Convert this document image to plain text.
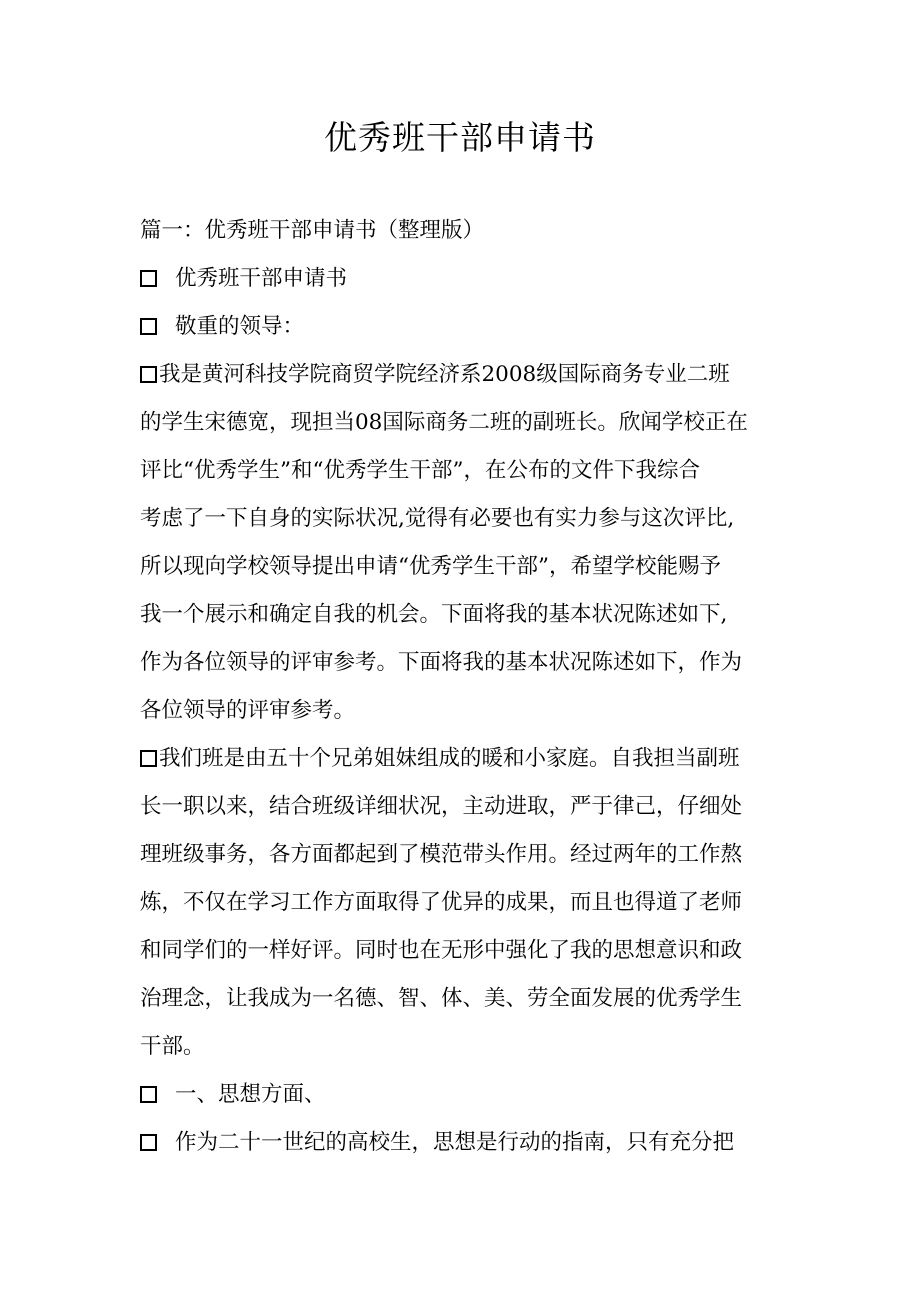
优秀班干部申请书
篇一：优秀班干部申请书（整理版）
优秀班干部申请书
敬重的领导：
我是黄河科技学院商贸学院经济系2008级国际商务专业二班
的学生宋德宽，现担当08国际商务二班的副班长。欣闻学校正在
评比“优秀学生”和“优秀学生干部”，在公布的文件下我综合
考虑了一下自身的实际状况,觉得有必要也有实力参与这次评比,
所以现向学校领导提出申请“优秀学生干部”，希望学校能赐予
我一个展示和确定自我的机会。下面将我的基本状况陈述如下,
作为各位领导的评审参考。下面将我的基本状况陈述如下，作为
各位领导的评审参考。
我们班是由五十个兄弟姐妹组成的暖和小家庭。自我担当副班
长一职以来，结合班级详细状况，主动进取，严于律己，仔细处
理班级事务，各方面都起到了模范带头作用。经过两年的工作熬
炼，不仅在学习工作方面取得了优异的成果，而且也得道了老师
和同学们的一样好评。同时也在无形中强化了我的思想意识和政
治理念，让我成为一名德、智、体、美、劳全面发展的优秀学生
干部。
一、思想方面、
作为二十一世纪的高校生，思想是行动的指南，只有充分把
